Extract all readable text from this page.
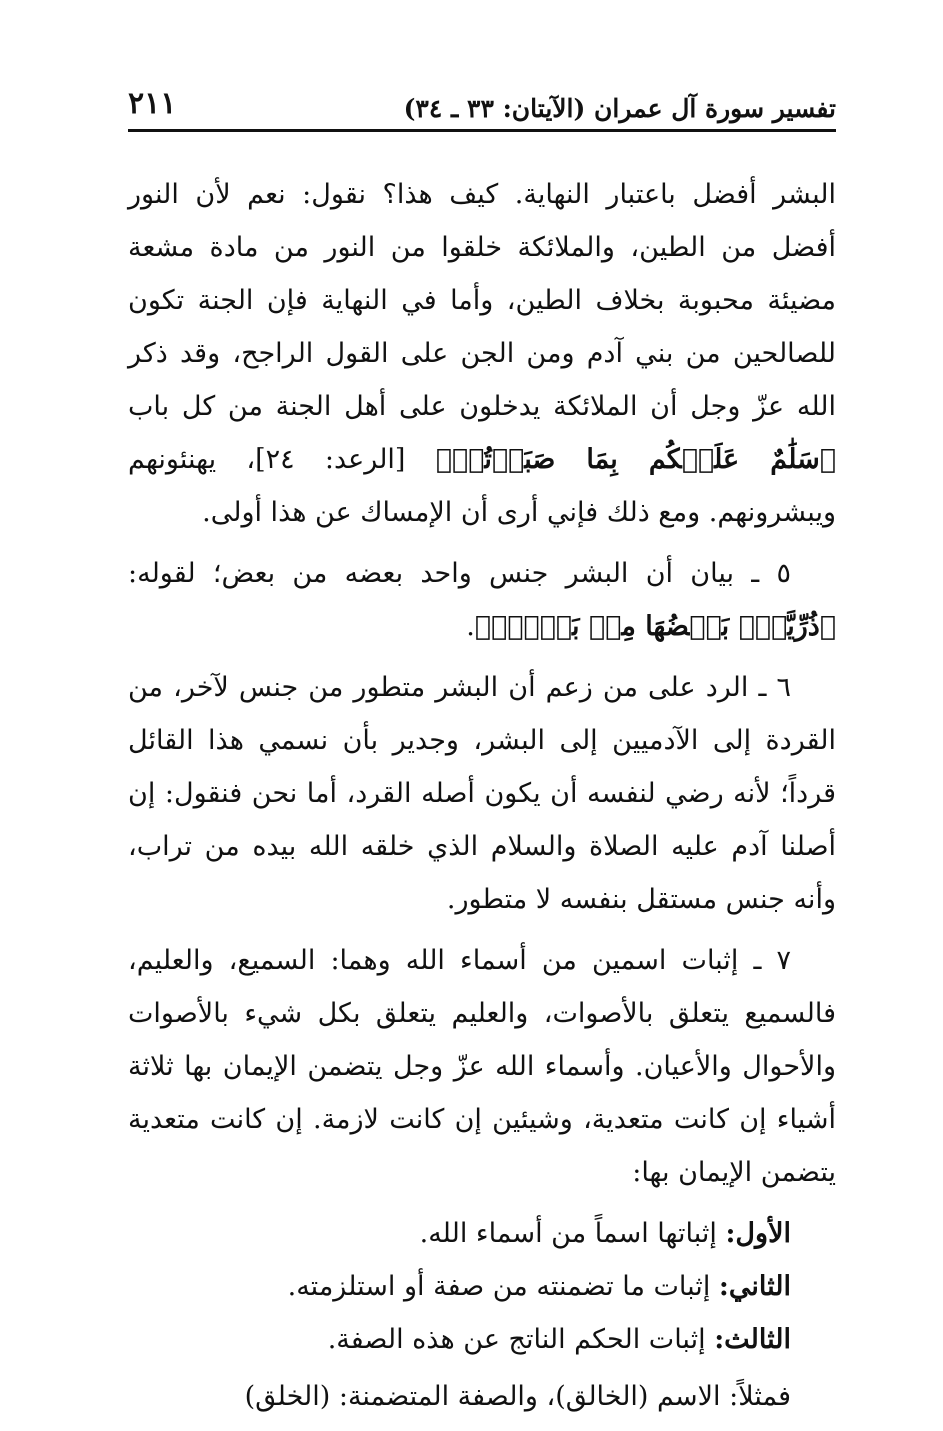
تفسير سورة آل عمران (الآيتان: ٣٣ ـ ٣٤)
٢١١

البشر أفضل باعتبار النهاية. كيف هذا؟ نقول: نعم لأن النور أفضل من الطين، والملائكة خلقوا من النور من مادة مشعة مضيئة محبوبة بخلاف الطين، وأما في النهاية فإن الجنة تكون للصالحين من بني آدم ومن الجن على القول الراجح، وقد ذكر الله عزّ وجل أن الملائكة يدخلون على أهل الجنة من كل باب ﴿سَلَٰمٌ عَلَيۡكُم بِمَا صَبَرۡتُمۡ﴾ [الرعد: ٢٤]، يهنئونهم ويبشرونهم. ومع ذلك فإني أرى أن الإمساك عن هذا أولى.

٥ ـ بيان أن البشر جنس واحد بعضه من بعض؛ لقوله: ﴿ذُرِّيَّةَۢ بَعۡضُهَا مِنۢ بَعۡضٖۗ﴾.

٦ ـ الرد على من زعم أن البشر متطور من جنس لآخر، من القردة إلى الآدميين إلى البشر، وجدير بأن نسمي هذا القائل قرداً؛ لأنه رضي لنفسه أن يكون أصله القرد، أما نحن فنقول: إن أصلنا آدم عليه الصلاة والسلام الذي خلقه الله بيده من تراب، وأنه جنس مستقل بنفسه لا متطور.

٧ ـ إثبات اسمين من أسماء الله وهما: السميع، والعليم، فالسميع يتعلق بالأصوات، والعليم يتعلق بكل شيء بالأصوات والأحوال والأعيان. وأسماء الله عزّ وجل يتضمن الإيمان بها ثلاثة أشياء إن كانت متعدية، وشيئين إن كانت لازمة. إن كانت متعدية يتضمن الإيمان بها:

الأول: إثباتها اسماً من أسماء الله.
الثاني: إثبات ما تضمنته من صفة أو استلزمته.
الثالث: إثبات الحكم الناتج عن هذه الصفة.

فمثلاً: الاسم (الخالق)، والصفة المتضمنة: (الخلق)
